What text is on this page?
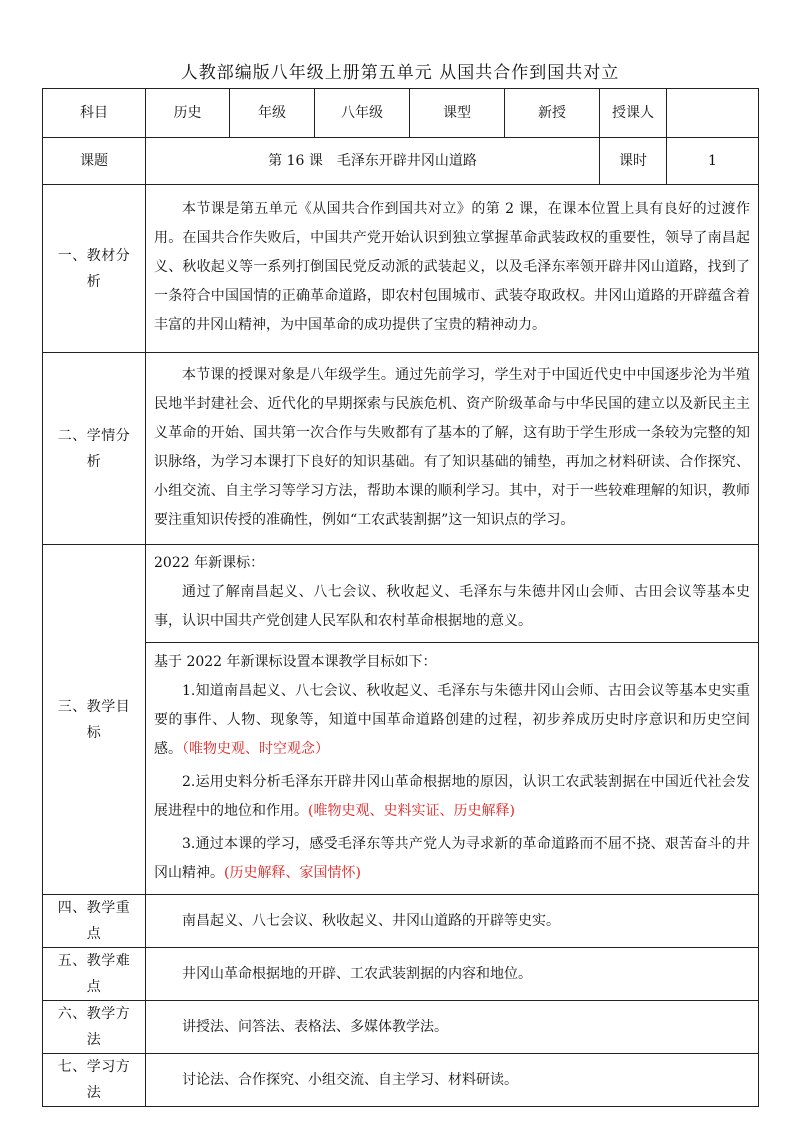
人教部编版八年级上册第五单元 从国共合作到国共对立
科目	历史	年级	八年级	课型	新授	授课人	
课题	第 16 课　毛泽东开辟井冈山道路					课时	1
一、教材分析	本节课是第五单元《从国共合作到国共对立》的第 2 课，在课本位置上具有良好的过渡作用。在国共合作失败后，中国共产党开始认识到独立掌握革命武装政权的重要性，领导了南昌起义、秋收起义等一系列打倒国民党反动派的武装起义，以及毛泽东率领开辟井冈山道路，找到了一条符合中国国情的正确革命道路，即农村包围城市、武装夺取政权。井冈山道路的开辟蕴含着丰富的井冈山精神，为中国革命的成功提供了宝贵的精神动力。						

二、学情分析	本节课的授课对象是八年级学生。通过先前学习，学生对于中国近代史中中国逐步沦为半殖民地半封建社会、近代化的早期探索与民族危机、资产阶级革命与中华民国的建立以及新民主主义革命的开始、国共第一次合作与失败都有了基本的了解，这有助于学生形成一条较为完整的知识脉络，为学习本课打下良好的知识基础。有了知识基础的铺垫，再加之材料研读、合作探究、小组交流、自主学习等学习方法，帮助本课的顺利学习。其中，对于一些较难理解的知识，教师要注重知识传授的准确性，例如“工农武装割据”这一知识点的学习。						

三、教学目标	2022 年新课标：

通过了解南昌起义、八七会议、秋收起义、毛泽东与朱德井冈山会师、古田会议等基本史事，认识中国共产党创建人民军队和农村革命根据地的意义。						

	基于 2022 年新课标设置本课教学目标如下：

1.知道南昌起义、八七会议、秋收起义、毛泽东与朱德井冈山会师、古田会议等基本史实重要的事件、人物、现象等，知道中国革命道路创建的过程，初步养成历史时序意识和历史空间感。（唯物史观、时空观念）

2.运用史料分析毛泽东开辟井冈山革命根据地的原因，认识工农武装割据在中国近代社会发展进程中的地位和作用。(唯物史观、史料实证、历史解释)

3.通过本课的学习，感受毛泽东等共产党人为寻求新的革命道路而不屈不挠、艰苦奋斗的井冈山精神。(历史解释、家国情怀)						

四、教学重点	南昌起义、八七会议、秋收起义、井冈山道路的开辟等史实。						

五、教学难点	井冈山革命根据地的开辟、工农武装割据的内容和地位。						

六、教学方法	讲授法、问答法、表格法、多媒体教学法。						

七、学习方法	讨论法、合作探究、小组交流、自主学习、材料研读。						
